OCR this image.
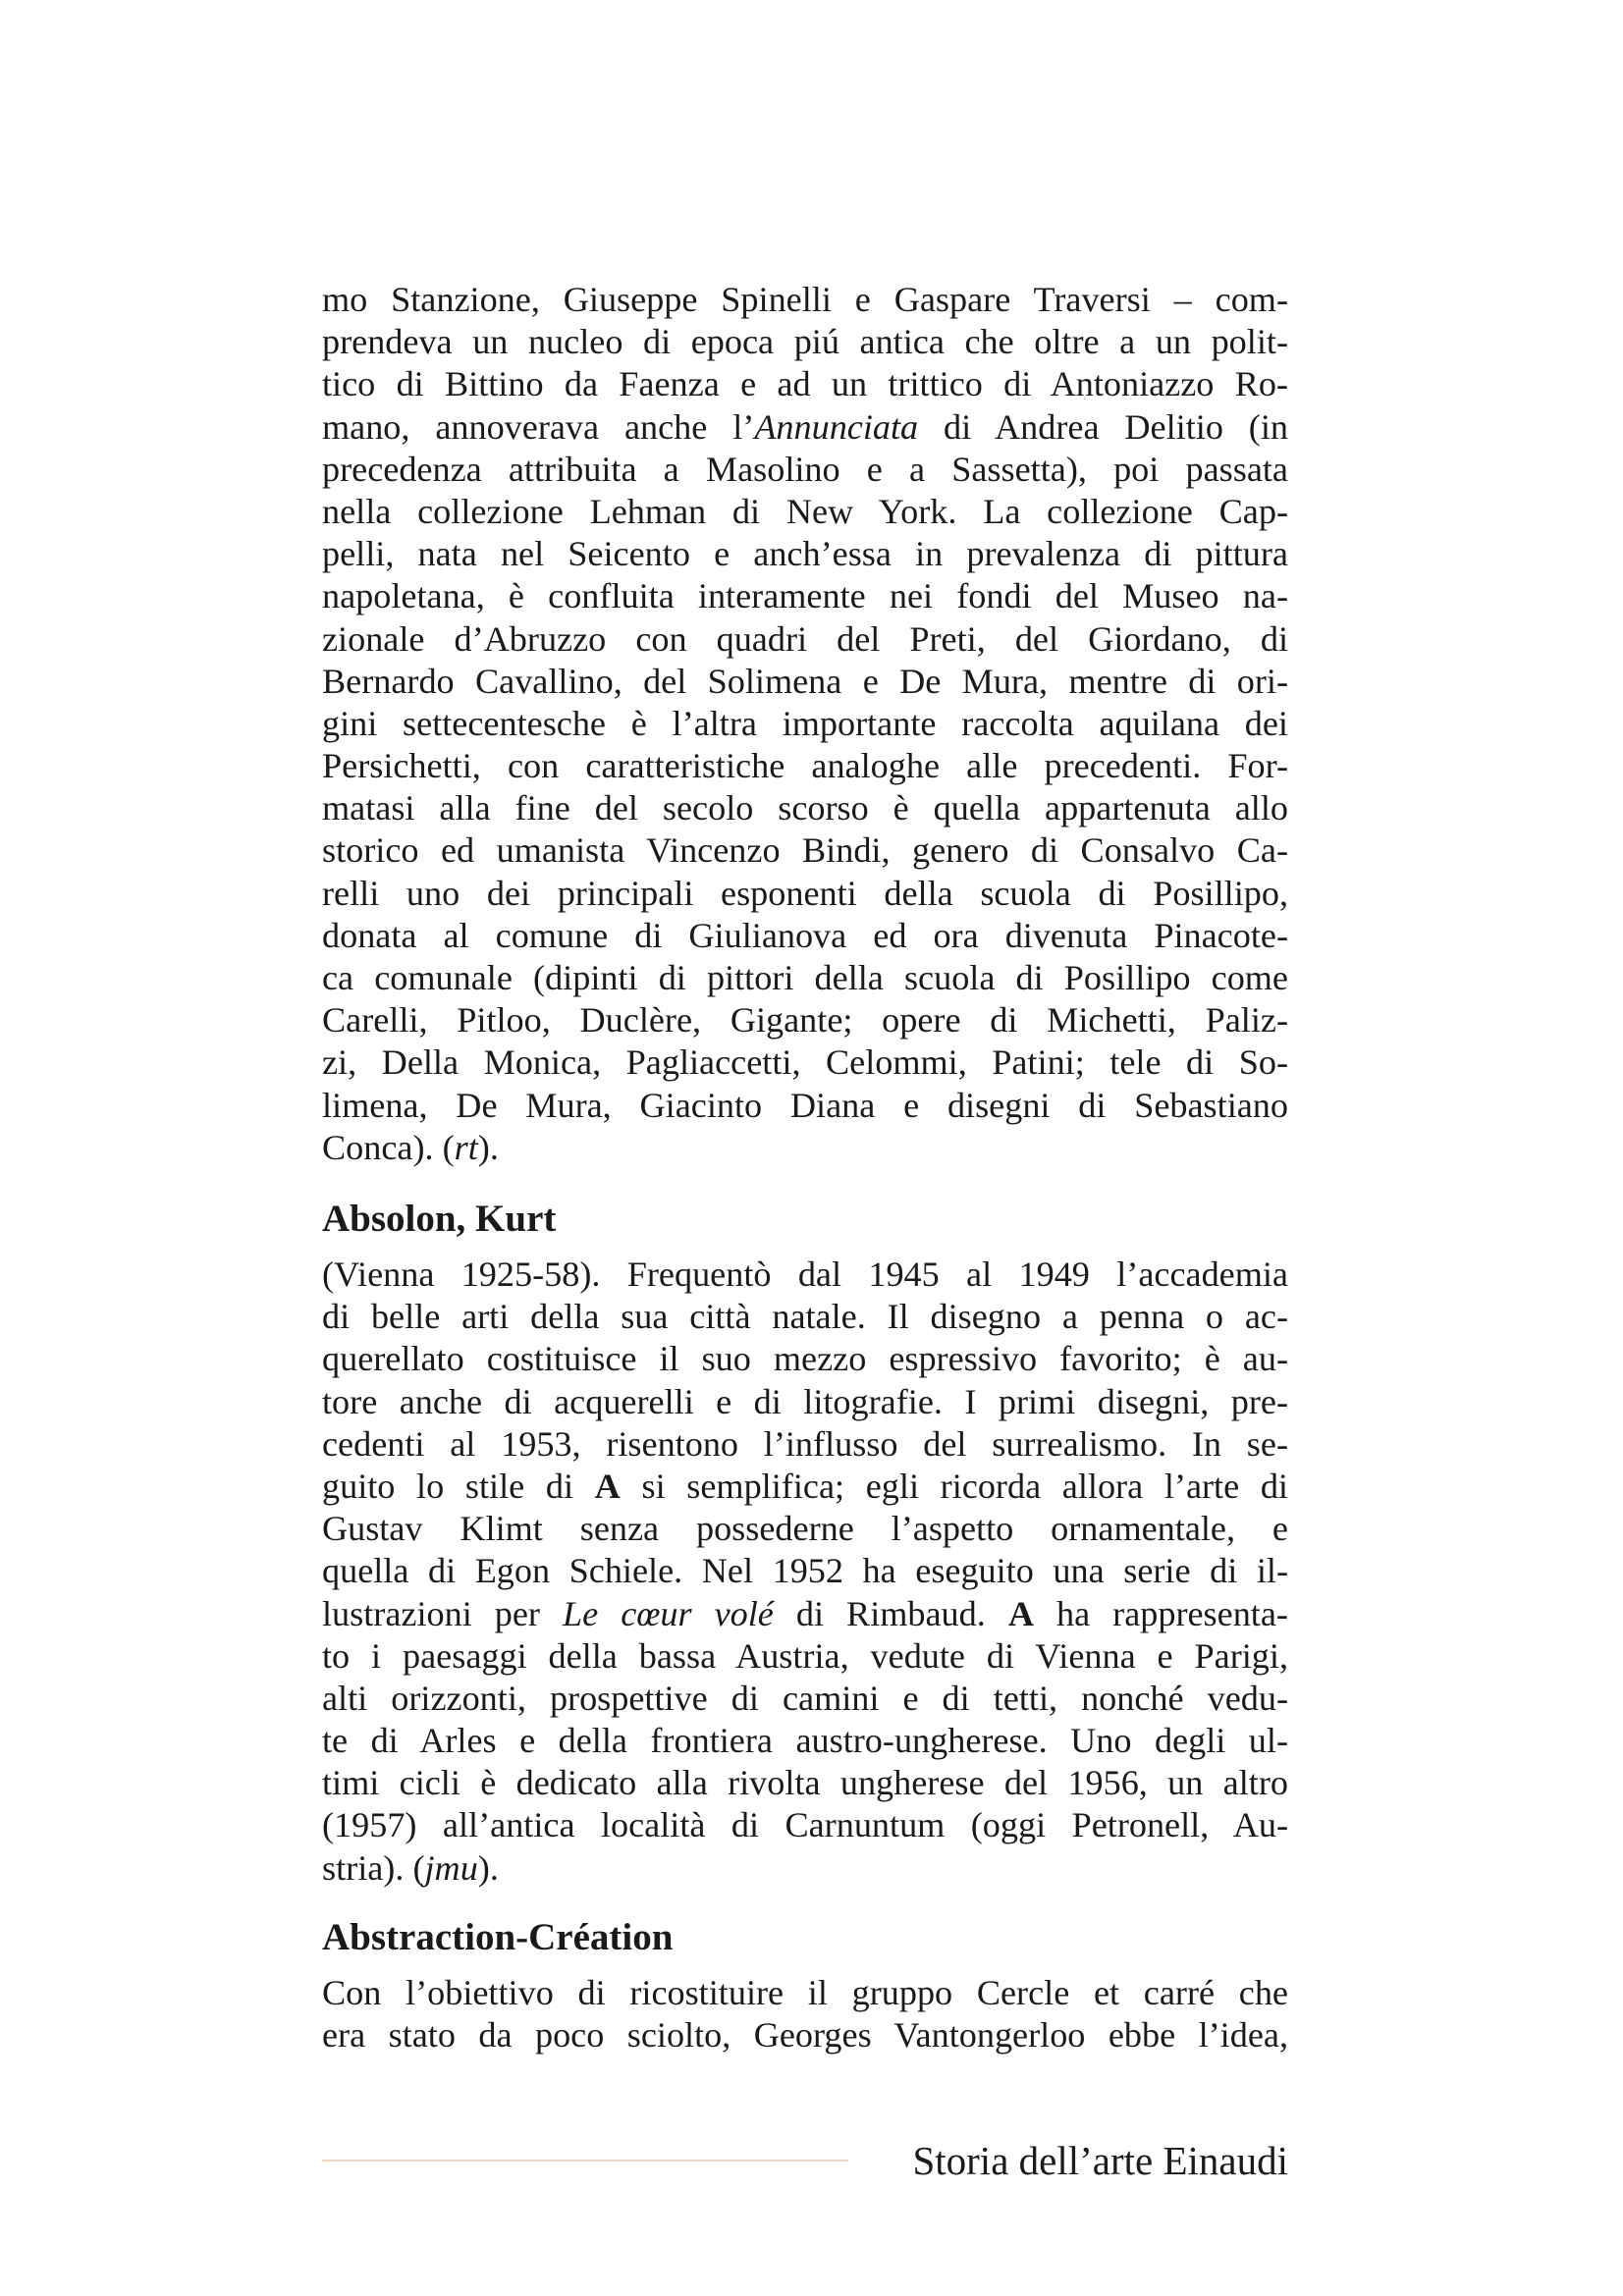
mo Stanzione, Giuseppe Spinelli e Gaspare Traversi – com-
prendeva un nucleo di epoca piú antica che oltre a un polit-
tico di Bittino da Faenza e ad un trittico di Antoniazzo Ro-
mano, annoverava anche l’Annunciata di Andrea Delitio (in
precedenza attribuita a Masolino e a Sassetta), poi passata
nella collezione Lehman di New York. La collezione Cap-
pelli, nata nel Seicento e anch’essa in prevalenza di pittura
napoletana, è confluita interamente nei fondi del Museo na-
zionale d’Abruzzo con quadri del Preti, del Giordano, di
Bernardo Cavallino, del Solimena e De Mura, mentre di ori-
gini settecentesche è l’altra importante raccolta aquilana dei
Persichetti, con caratteristiche analoghe alle precedenti. For-
matasi alla fine del secolo scorso è quella appartenuta allo
storico ed umanista Vincenzo Bindi, genero di Consalvo Ca-
relli uno dei principali esponenti della scuola di Posillipo,
donata al comune di Giulianova ed ora divenuta Pinacote-
ca comunale (dipinti di pittori della scuola di Posillipo come
Carelli, Pitloo, Duclère, Gigante; opere di Michetti, Paliz-
zi, Della Monica, Pagliaccetti, Celommi, Patini; tele di So-
limena, De Mura, Giacinto Diana e disegni di Sebastiano
Conca). (rt).
Absolon, Kurt
(Vienna 1925-58). Frequentò dal 1945 al 1949 l’accademia
di belle arti della sua città natale. Il disegno a penna o ac-
querellato costituisce il suo mezzo espressivo favorito; è au-
tore anche di acquerelli e di litografie. I primi disegni, pre-
cedenti al 1953, risentono l’influsso del surrealismo. In se-
guito lo stile di A si semplifica; egli ricorda allora l’arte di
Gustav Klimt senza possederne l’aspetto ornamentale, e
quella di Egon Schiele. Nel 1952 ha eseguito una serie di il-
lustrazioni per Le cœur volé di Rimbaud. A ha rappresenta-
to i paesaggi della bassa Austria, vedute di Vienna e Parigi,
alti orizzonti, prospettive di camini e di tetti, nonché vedu-
te di Arles e della frontiera austro-ungherese. Uno degli ul-
timi cicli è dedicato alla rivolta ungherese del 1956, un altro
(1957) all’antica località di Carnuntum (oggi Petronell, Au-
stria). (jmu).
Abstraction-Création
Con l’obiettivo di ricostituire il gruppo Cercle et carré che
era stato da poco sciolto, Georges Vantongerloo ebbe l’idea,
Storia dell’arte Einaudi
